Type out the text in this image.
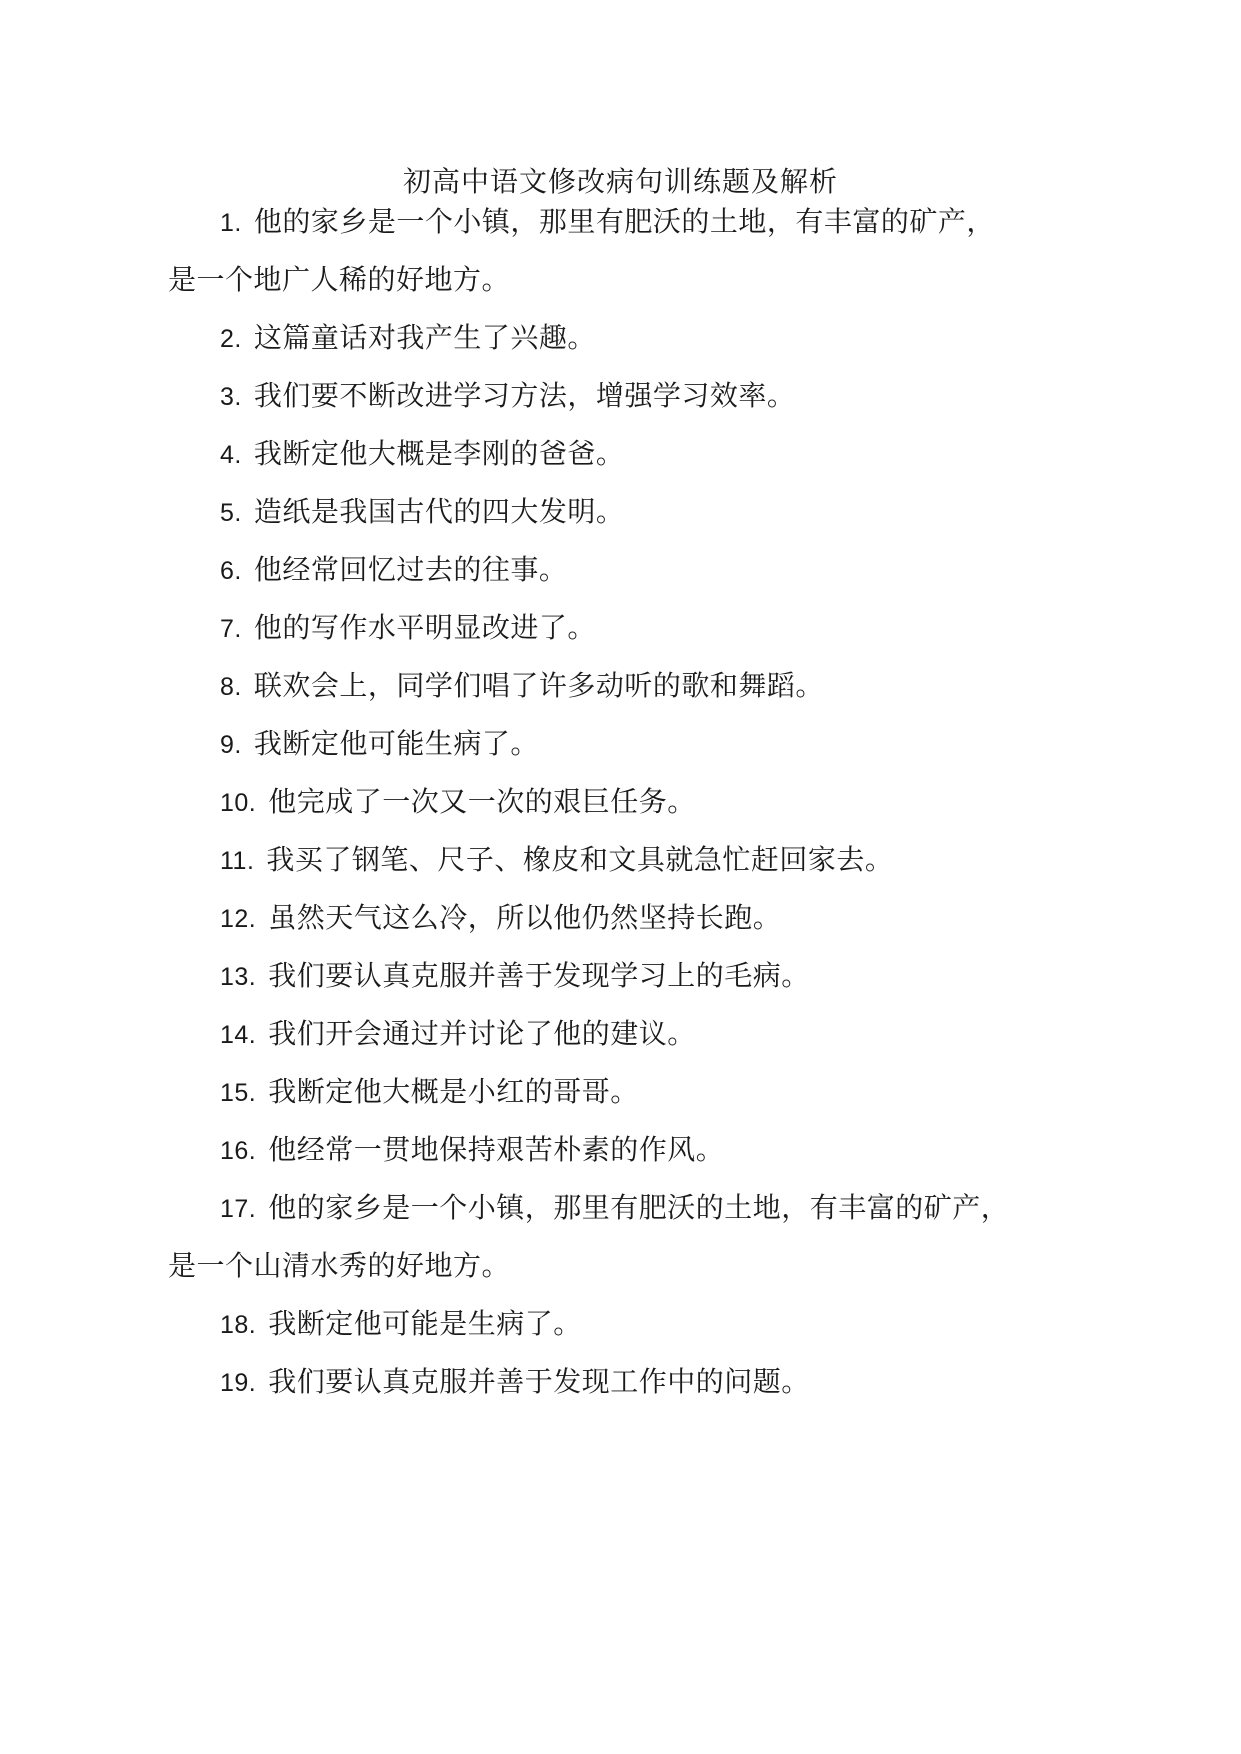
初高中语文修改病句训练题及解析
1. 他的家乡是一个小镇，那里有肥沃的土地，有丰富的矿产，
是一个地广人稀的好地方。
2. 这篇童话对我产生了兴趣。
3. 我们要不断改进学习方法，增强学习效率。
4. 我断定他大概是李刚的爸爸。
5. 造纸是我国古代的四大发明。
6. 他经常回忆过去的往事。
7. 他的写作水平明显改进了。
8. 联欢会上，同学们唱了许多动听的歌和舞蹈。
9. 我断定他可能生病了。
10. 他完成了一次又一次的艰巨任务。
11. 我买了钢笔、尺子、橡皮和文具就急忙赶回家去。
12. 虽然天气这么冷，所以他仍然坚持长跑。
13. 我们要认真克服并善于发现学习上的毛病。
14. 我们开会通过并讨论了他的建议。
15. 我断定他大概是小红的哥哥。
16. 他经常一贯地保持艰苦朴素的作风。
17. 他的家乡是一个小镇，那里有肥沃的土地，有丰富的矿产，
是一个山清水秀的好地方。
18. 我断定他可能是生病了。
19. 我们要认真克服并善于发现工作中的问题。
